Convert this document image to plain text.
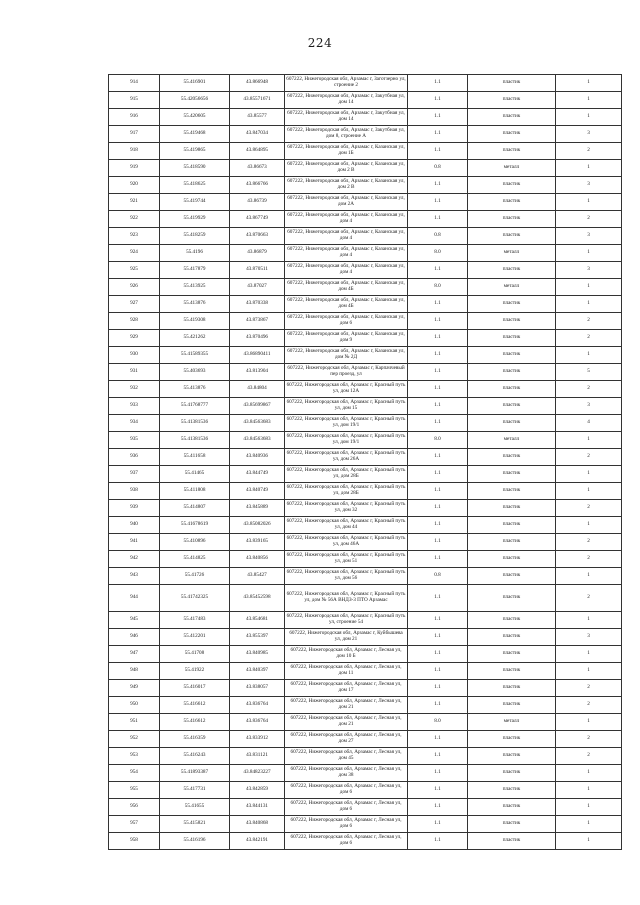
224
914	55.416901	43.866948	607222, Нижегородская обл, Арзамас г, Заготзерно ул, строение 2	1.1	пластик	1
915	55.42056656	43.85571671	607222, Нижегородская обл, Арзамас г, Закутбная ул, дом 14	1.1	пластик	1
916	55.420605	43.85577	607222, Нижегородская обл, Арзамас г, Закутбная ул, дом 14	1.1	пластик	1
917	55.419468	43.847034	607222, Нижегородская обл, Арзамас г, Закутбная ул, дом 8, строение А	1.1	пластик	3
918	55.419865	43.864895	607222, Нижегородская обл, Арзамас г, Казанская ул, дом 1Б	1.1	пластик	2
919	55.418590	43.86673	607222, Нижегородская обл, Арзамас г, Казанская ул, дом 2 В	0.8	металл	1
920	55.418625	43.866766	607222, Нижегородская обл, Арзамас г, Казанская ул, дом 2 В	1.1	пластик	3
921	55.419744	43.86739	607222, Нижегородская обл, Арзамас г, Казанская ул, дом 2А	1.1	пластик	1
922	55.419929	43.867749	607222, Нижегородская обл, Арзамас г, Казанская ул, дом 4	1.1	пластик	2
923	55.418259	43.870663	607222, Нижегородская обл, Арзамас г, Казанская ул, дом 4	0.8	пластик	3
924	55.4196	43.86879	607222, Нижегородская обл, Арзамас г, Казанская ул, дом 4	8.0	металл	1
925	55.417879	43.870511	607222, Нижегородская обл, Арзамас г, Казанская ул, дом 4	1.1	пластик	3
926	55.413925	43.87027	607222, Нижегородская обл, Арзамас г, Казанская ул, дом 4Б	8.0	металл	1
927	55.413876	43.870338	607222, Нижегородская обл, Арзамас г, Казанская ул, дом 4Б	1.1	пластик	1
928	55.419308	43.873867	607222, Нижегородская обл, Арзамас г, Казанская ул, дом 6	1.1	пластик	2
929	55.421262	43.870496	607222, Нижегородская обл, Арзамас г, Казанская ул, дом 9	1.1	пластик	2
930	55.41589355	43.86890411	607222, Нижегородская обл, Арзамас г, Казанская ул, дом № 2Д	1.1	пластик	1
931	55.403693	43.813904	607222, Нижегородская обл, Арзамас г, Карпаччевый пер проезд, ул	1.1	пластик	5
932	55.413876	43.84804	607222, Нижегородская обл, Арзамас г, Красный путь ул, дом 12А	1.1	пластик	2
933	55.41768777	43.85699867	607222, Нижегородская обл, Арзамас г, Красный путь ул, дом 15	1.1	пластик	3
934	55.41381536	43.84563683	607222, Нижегородская обл, Арзамас г, Красный путь ул, дом 19/1	1.1	пластик	4
935	55.41381536	43.84563683	607222, Нижегородская обл, Арзамас г, Красный путь ул, дом 19/1	8.0	металл	1
936	55.411658	43.840936	607222, Нижегородская обл, Арзамас г, Красный путь ул, дом 26А	1.1	пластик	2
937	55.41465	43.844749	607222, Нижегородская обл, Арзамас г, Красный путь ул, дом 28Б	1.1	пластик	1
938	55.411808	43.840749	607222, Нижегородская обл, Арзамас г, Красный путь ул, дом 28Б	1.1	пластик	1
939	55.414807	43.845889	607222, Нижегородская обл, Арзамас г, Красный путь ул, дом 32	1.1	пластик	2
940	55.41678619	43.85082026	607222, Нижегородская обл, Арзамас г, Красный путь ул, дом 44	1.1	пластик	1
941	55.410896	43.839165	607222, Нижегородская обл, Арзамас г, Красный путь ул, дом 46А	1.1	пластик	2
942	55.414825	43.840856	607222, Нижегородская обл, Арзамас г, Красный путь ул, дом 51	1.1	пластик	2
943	55.41726	43.85427	607222, Нижегородская обл, Арзамас г, Красный путь ул, дом 56	0.8	пластик	1
944	55.41742325	43.85452598	607222, Нижегородская обл, Арзамас г, Красный путь ул, дом № 56А ВНДЗ-3 ПТО Арзамас	1.1	пластик	2
945	55.417483	43.854681	607222, Нижегородская обл, Арзамас г, Красный путь ул, строение 54	1.1	пластик	1
946	55.412201	43.855397	607222, Нижегородская обл, Арзамас г, Куйбышева ул, дом 21	1.1	пластик	3
947	55.41708	43.840985	607222, Нижегородская обл, Арзамас г, Лесная ул, дом 10 Б	1.1	пластик	1
948	55.41922	43.840397	607222, Нижегородская обл, Арзамас г, Лесная ул, дом 11	1.1	пластик	1
949	55.416017	43.838057	607222, Нижегородская обл, Арзамас г, Лесная ул, дом 17	1.1	пластик	2
950	55.416612	43.836764	607222, Нижегородская обл, Арзамас г, Лесная ул, дом 21	1.1	пластик	2
951	55.416612	43.836764	607222, Нижегородская обл, Арзамас г, Лесная ул, дом 21	8.0	металл	1
952	55.416359	43.833912	607222, Нижегородская обл, Арзамас г, Лесная ул, дом 27	1.1	пластик	2
953	55.416243	43.831121	607222, Нижегородская обл, Арзамас г, Лесная ул, дом 45	1.1	пластик	2
954	55.41893387	43.84823227	607222, Нижегородская обл, Арзамас г, Лесная ул, дом 38	1.1	пластик	1
955	55.417731	43.842859	607222, Нижегородская обл, Арзамас г, Лесная ул, дом 6	1.1	пластик	1
956	55.41655	43.844131	607222, Нижегородская обл, Арзамас г, Лесная ул, дом 6	1.1	пластик	1
957	55.415821	43.840868	607222, Нижегородская обл, Арзамас г, Лесная ул, дом 6	1.1	пластик	1
958	55.416196	43.842191	607222, Нижегородская обл, Арзамас г, Лесная ул, дом 6	1.1	пластик	1
